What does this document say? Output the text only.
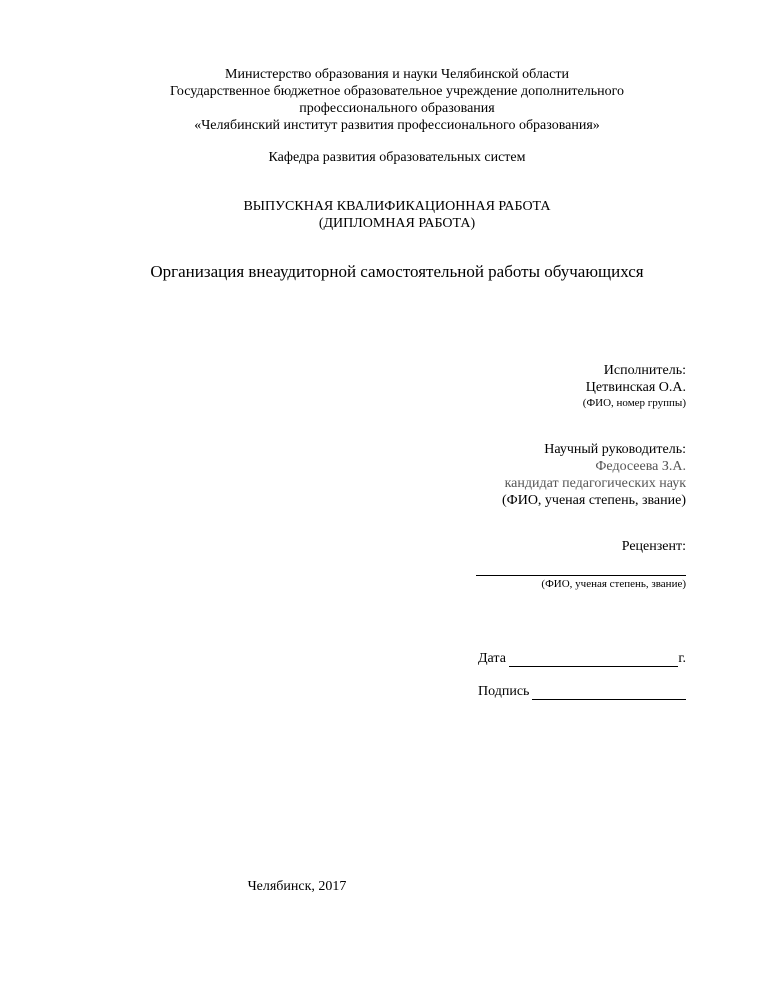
Министерство образования и науки Челябинской области
Государственное бюджетное образовательное учреждение дополнительного
профессионального образования
«Челябинский институт развития профессионального образования»
Кафедра развития образовательных систем
ВЫПУСКНАЯ КВАЛИФИКАЦИОННАЯ РАБОТА
(ДИПЛОМНАЯ РАБОТА)
Организация внеаудиторной самостоятельной работы обучающихся
Исполнитель:
Цетвинская О.А.
(ФИО, номер группы)
Научный руководитель:
Федосеева З.А.
кандидат педагогических наук
(ФИО, ученая степень, звание)
Рецензент:
(ФИО, ученая степень, звание)
Дата	г.
Подпись
Челябинск, 2017
